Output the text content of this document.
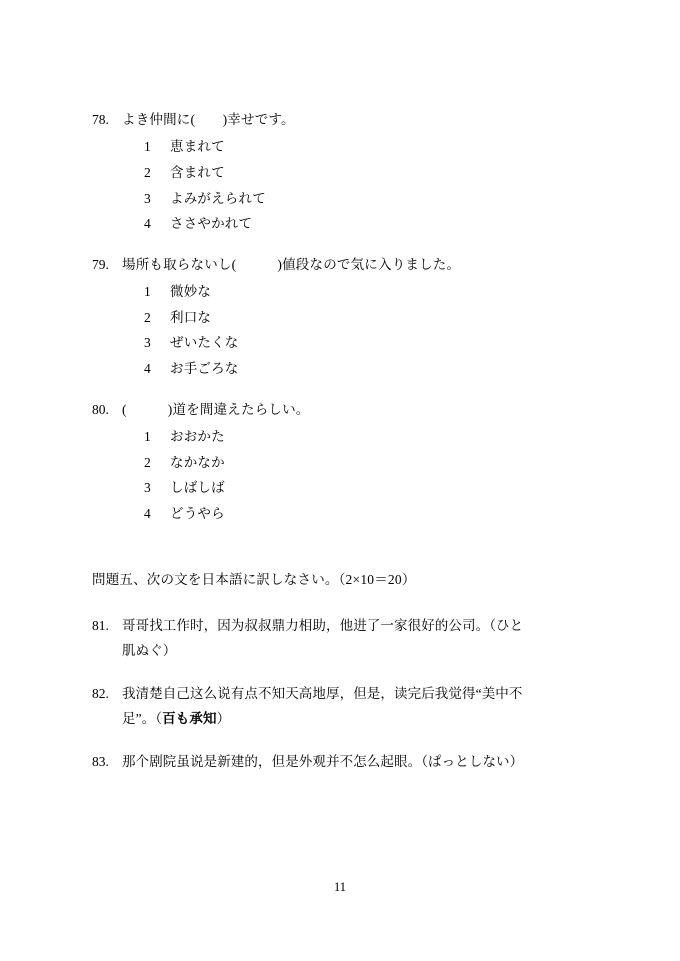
78. よき仲間に(　　)幸せです。
1	恵まれて
2	含まれて
3	よみがえられて
4	ささやかれて
79. 場所も取らないし(　　　)値段なので気に入りました。
1	微妙な
2	利口な
3	ぜいたくな
4	お手ごろな
80. (　　　)道を間違えたらしい。
1	おおかた
2	なかなか
3	しばしば
4	どうやら
問題五、次の文を日本語に訳しなさい。（2×10＝20）
81. 哥哥找工作时，因为叔叔鼎力相助，他进了一家很好的公司。（ひと
肌ぬぐ）
82. 我清楚自己这么说有点不知天高地厚，但是，读完后我觉得“美中不
足”。（百も承知）
83. 那个剧院虽说是新建的，但是外观并不怎么起眼。（ぱっとしない）
11
